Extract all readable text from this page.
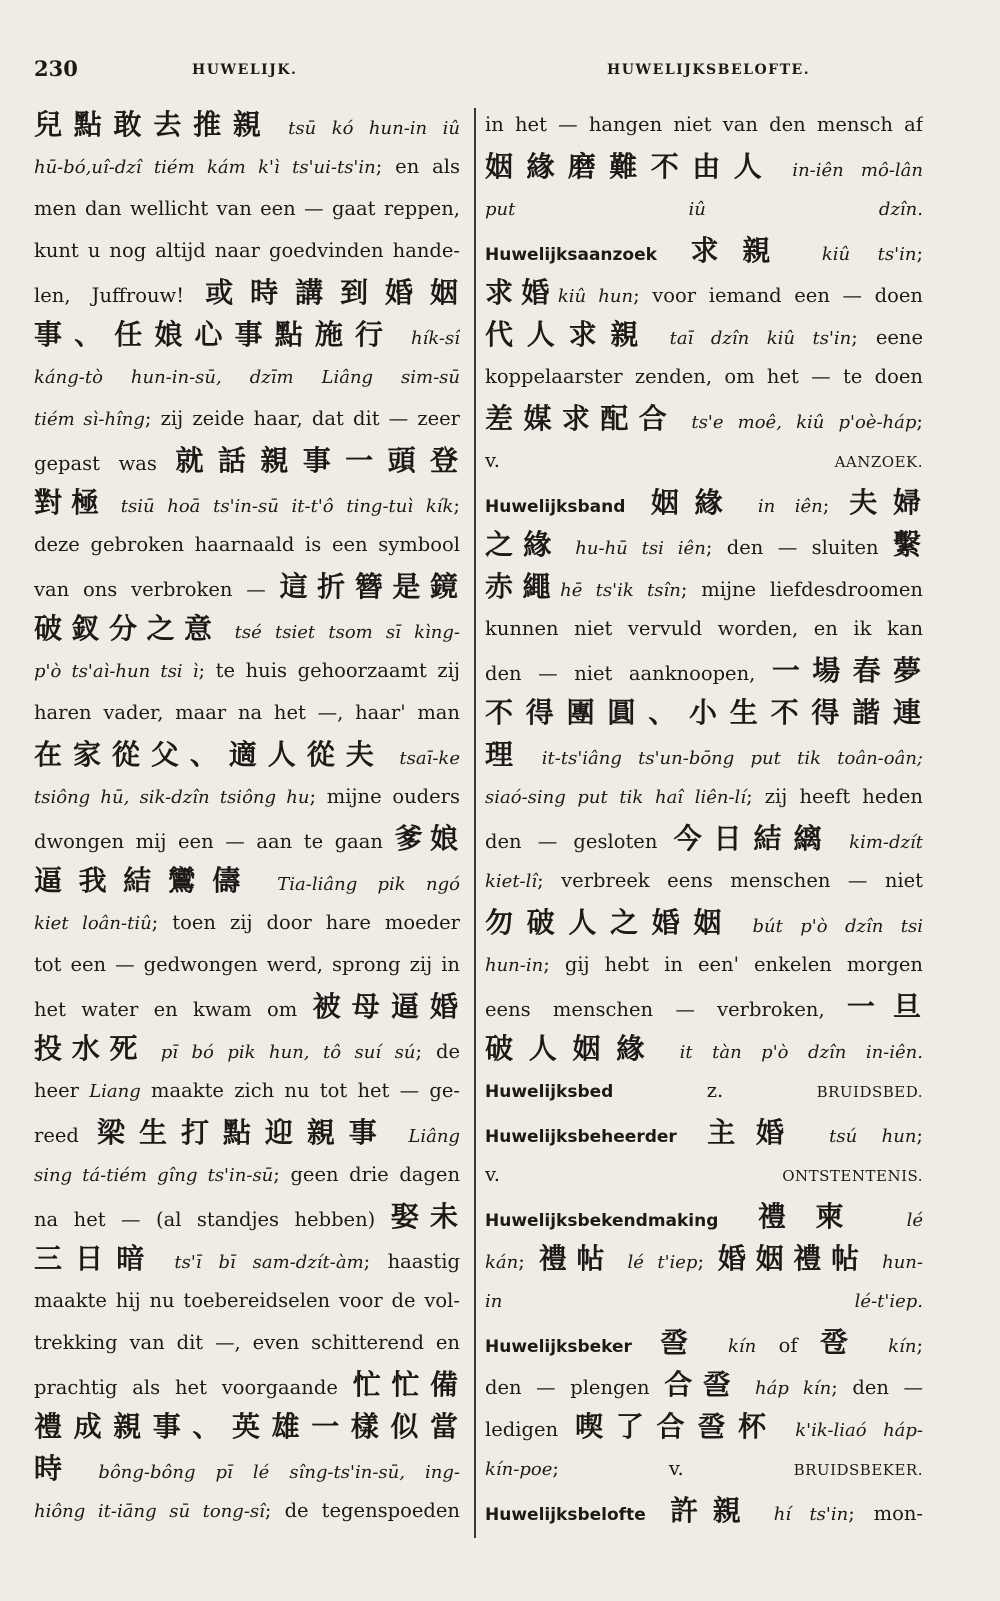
230	HUWELIJK.	HUWELIJKSBELOFTE.
兒點敢去推親 tsū kó hun-in iû
hū-bó,uî-dzî tiém kám k'ì ts'ui-ts'in; en als
men dan wellicht van een — gaat reppen,
kunt u nog altijd naar goedvinden hande-
len, Juffrouw! 或時講到婚姻
事、任娘心事點施行 hík-sî
káng-tò hun-in-sū, dzīm Liâng sim-sū
tiém sì-hîng; zij zeide haar, dat dit — zeer
gepast was 就話親事一頭登
對極 tsiū hoā ts'in-sū it-t'ô ting-tuì kík;
deze gebroken haarnaald is een symbool
van ons verbroken — 這折簪是鏡
破釵分之意 tsé tsiet tsom sī kìng-
p'ò ts'aì-hun tsi ì; te huis gehoorzaamt zij
haren vader, maar na het —, haar' man
在家從父、適人從夫 tsaī-ke
tsiông hū, sik-dzîn tsiông hu; mijne ouders
dwongen mij een — aan te gaan 爹娘
逼我結鸞儔 Tia-liâng pik ngó
kiet loân-tiû; toen zij door hare moeder
tot een — gedwongen werd, sprong zij in
het water en kwam om 被母逼婚
投水死 pī bó pik hun, tô suí sú; de
heer Liang maakte zich nu tot het — ge-
reed 梁生打點迎親事 Liâng
sing tá-tiém gîng ts'in-sū; geen drie dagen
na het — (al standjes hebben) 娶未
三日暗 ts'ī bī sam-dzít-àm; haastig
maakte hij nu toebereidselen voor de vol-
trekking van dit —, even schitterend en
prachtig als het voorgaande 忙忙備
禮成親事、英雄一樣似當
時 bông-bông pī lé sîng-ts'in-sū, ing-
hiông it-iāng sū tong-sî; de tegenspoeden
in het — hangen niet van den mensch af
姻緣磨難不由人 in-iên mô-lân
put iû dzîn.
Huwelijksaanzoek 求親 kiû ts'in;
求婚kiû hun; voor iemand een — doen
代人求親 taī dzîn kiû ts'in; eene
koppelaarster zenden, om het — te doen
差媒求配合 ts'e moê, kiû p'oè-háp;
v. AANZOEK.
Huwelijksband 姻緣 in iên; 夫婦
之緣 hu-hū tsi iên; den — sluiten 繫
赤繩hē ts'ik tsîn; mijne liefdesdroomen
kunnen niet vervuld worden, en ik kan
den — niet aanknoopen, 一場春夢
不得團圓、小生不得諧連
理 it-ts'iâng ts'un-bōng put tik toân-oân;
siaó-sing put tik haî liên-lí; zij heeft heden
den — gesloten 今日結縭 kim-dzít
kiet-lî; verbreek eens menschen — niet
勿破人之婚姻 bút p'ò dzîn tsi
hun-in; gij hebt in een' enkelen morgen
eens menschen — verbroken, 一旦
破人姻緣 it tàn p'ò dzîn in-iên.
Huwelijksbed z. BRUIDSBED.
Huwelijksbeheerder 主婚 tsú hun;
v. ONTSTENTENIS.
Huwelijksbekendmaking 禮柬 lé
kán; 禮帖 lé t'iep; 婚姻禮帖 hun-
in lé-t'iep.
Huwelijksbeker 巹 kín of 卺 kín;
den — plengen 合巹 háp kín; den —
ledigen 喫了合巹杯 k'ik-liaó háp-
kín-poe; v. BRUIDSBEKER.
Huwelijksbelofte 許親 hí ts'in; mon-
